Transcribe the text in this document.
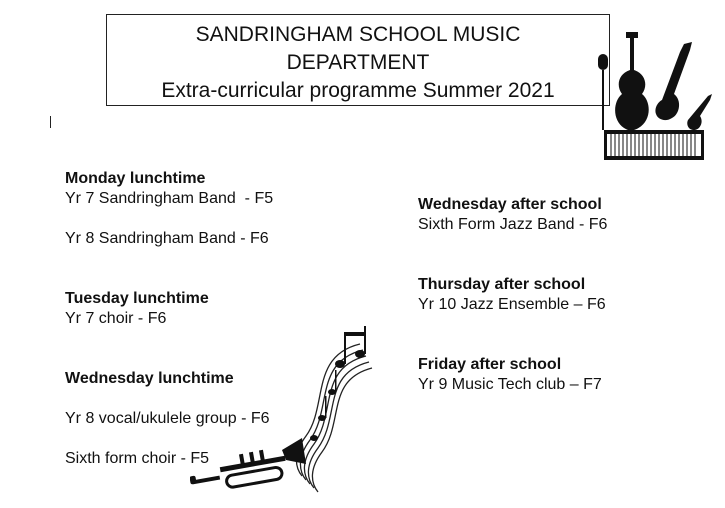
SANDRINGHAM SCHOOL MUSIC
DEPARTMENT
Extra-curricular programme Summer 2021
Monday lunchtime
Yr 7 Sandringham Band  - F5
Yr 8 Sandringham Band - F6
Tuesday lunchtime
Yr 7 choir - F6
Wednesday lunchtime
Yr 8 vocal/ukulele group - F6
Sixth form choir - F5
Wednesday after school
Sixth Form Jazz Band - F6
Thursday after school
Yr 10 Jazz Ensemble – F6
Friday after school
Yr 9 Music Tech club – F7
